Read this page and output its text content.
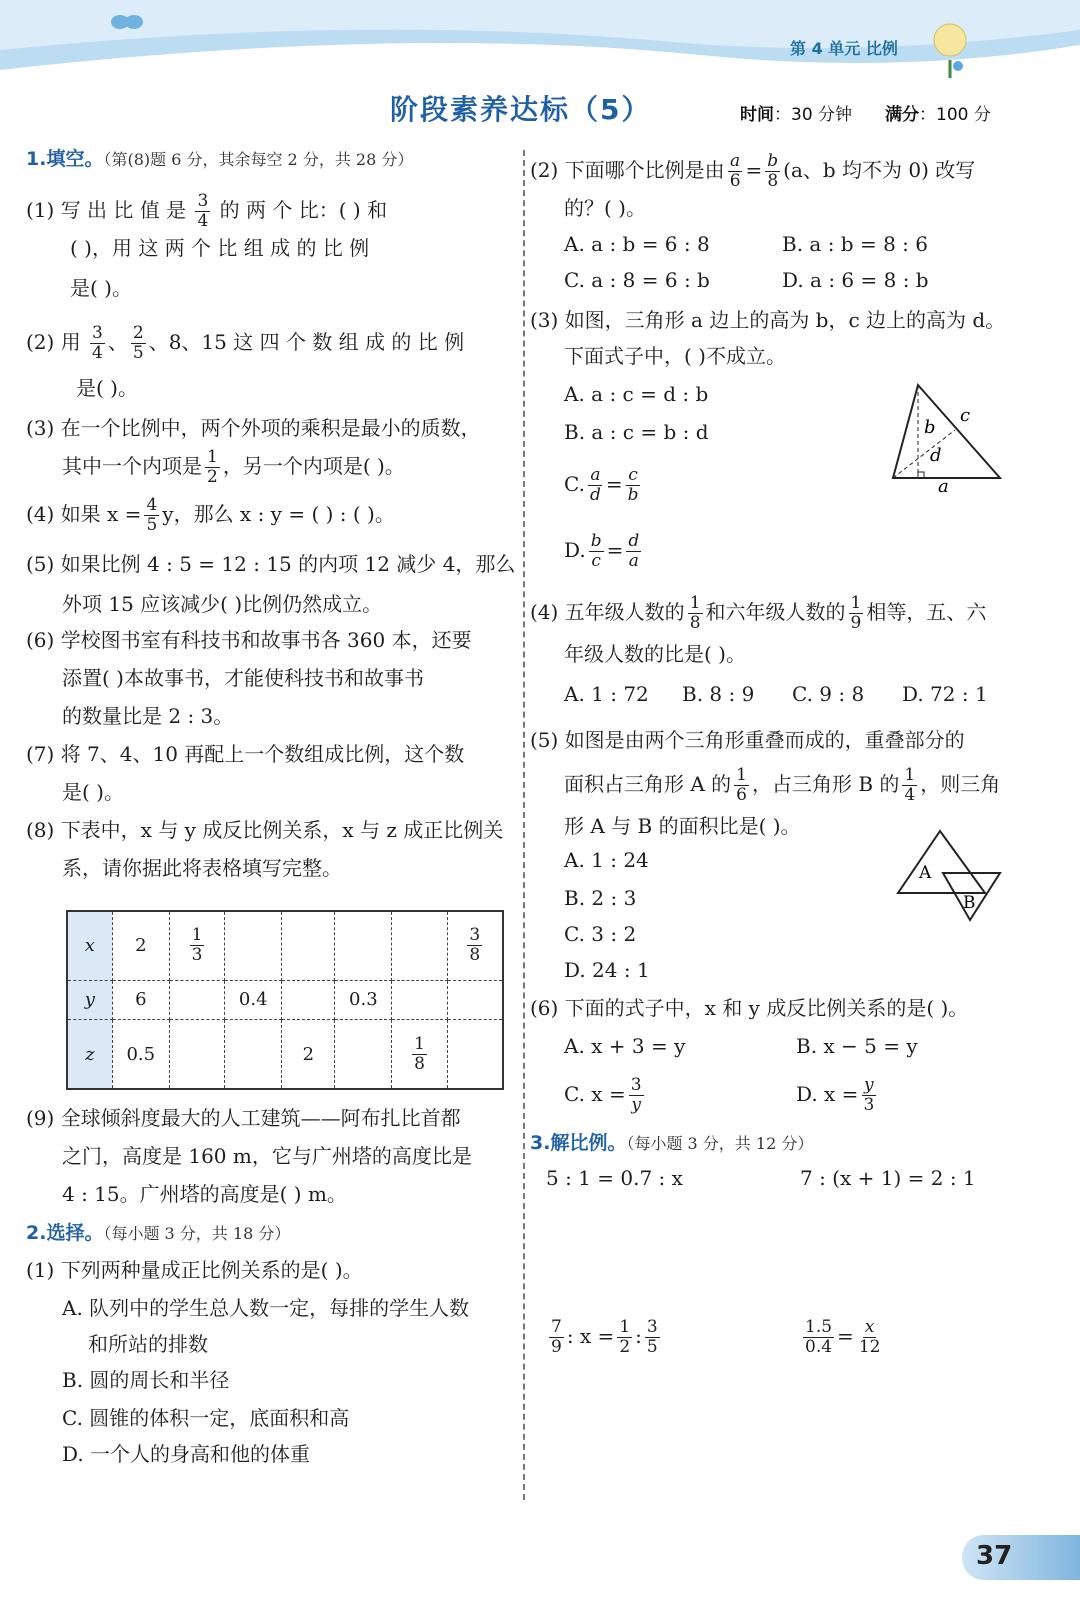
第 4 单元 比例
阶段素养达标（5）	时间：30 分钟 满分：100 分
1.填空。（第(8)题 6 分，其余每空 2 分，共 28 分）
(1) 写 出 比 值 是 $\frac{3}{4}$ 的 两 个 比：( ) 和
( )，用 这 两 个 比 组 成 的 比 例
是( )。
(2) 用 $\frac{3}{4}$ 、 $\frac{2}{5}$ 、8、15 这 四 个 数 组 成 的 比 例
是( )。
(3) 在一个比例中，两个外项的乘积是最小的质数，
其中一个内项是 $\frac{1}{2}$ ，另一个内项是( )。
(4) 如果 $x = \frac{4}{5}$ y，那么 x : y = ( ) : ( )。
(5) 如果比例 4 : 5 = 12 : 15 的内项 12 减少 4，那么
外项 15 应该减少( )比例仍然成立。
(6) 学校图书室有科技书和故事书各 360 本，还要
添置( )本故事书，才能使科技书和故事书
的数量比是 2 : 3。
(7) 将 7、4、10 再配上一个数组成比例，这个数
是( )。
(8) 下表中，x 与 y 成反比例关系，x 与 z 成正比例关
系，请你据此将表格填写完整。
x	2	$\frac{1}{3}$					$\frac{3}{8}$

y	6		0.4		0.3		
z	0.5			2		$\frac{1}{8}$

(9) 全球倾斜度最大的人工建筑——阿布扎比首都
之门，高度是 160 m，它与广州塔的高度比是
4 : 15。广州塔的高度是( ) m。
2.选择。（每小题 3 分，共 18 分）
(1) 下列两种量成正比例关系的是( )。
A. 队列中的学生总人数一定，每排的学生人数
和所站的排数
B. 圆的周长和半径
C. 圆锥的体积一定，底面积和高
D. 一个人的身高和他的体重
(2) 下面哪个比例是由 $\frac{a}{6} = \frac{b}{8} (a$、b 均不为 0) 改写
的？( )。
A. a : b = 6 : 8	B. a : b = 8 : 6
C. a : 8 = 6 : b	D. a : 6 = 8 : b
(3) 如图，三角形 a 边上的高为 b，c 边上的高为 d。
下面式子中，( )不成立。
A. a : c = d : b
B. a : c = b : d
C. $\frac{a}{d} = \frac{c}{b}$
D. $\frac{b}{c} = \frac{d}{a}$
b
c
d
a
(4) 五年级人数的 $\frac{1}{8}$ 和六年级人数的 $\frac{1}{9}$ 相等，五、六
年级人数的比是( )。
A. 1 : 72 B. 8 : 9 C. 9 : 8 D. 72 : 1
(5) 如图是由两个三角形重叠而成的，重叠部分的
面积占三角形 A 的 $\frac{1}{6}$ ，占三角形 B 的 $\frac{1}{4}$ ，则三角
形 A 与 B 的面积比是( )。
A. 1 : 24
B. 2 : 3
C. 3 : 2
D. 24 : 1
A
B
(6) 下面的式子中，x 和 y 成反比例关系的是( )。
A. x + 3 = y	B. x − 5 = y
C. $x = \frac{3}{y}$	D. $x = \frac{y}{3}$
3.解比例。（每小题 3 分，共 12 分）
5 : 1 = 0.7 : x	7 : (x + 1) = 2 : 1
$\frac{7}{9}$ : $x = \frac{1}{2}$ : $\frac{3}{5}$	$\frac{1.5}{0.4} = \frac{x}{12}$
37
